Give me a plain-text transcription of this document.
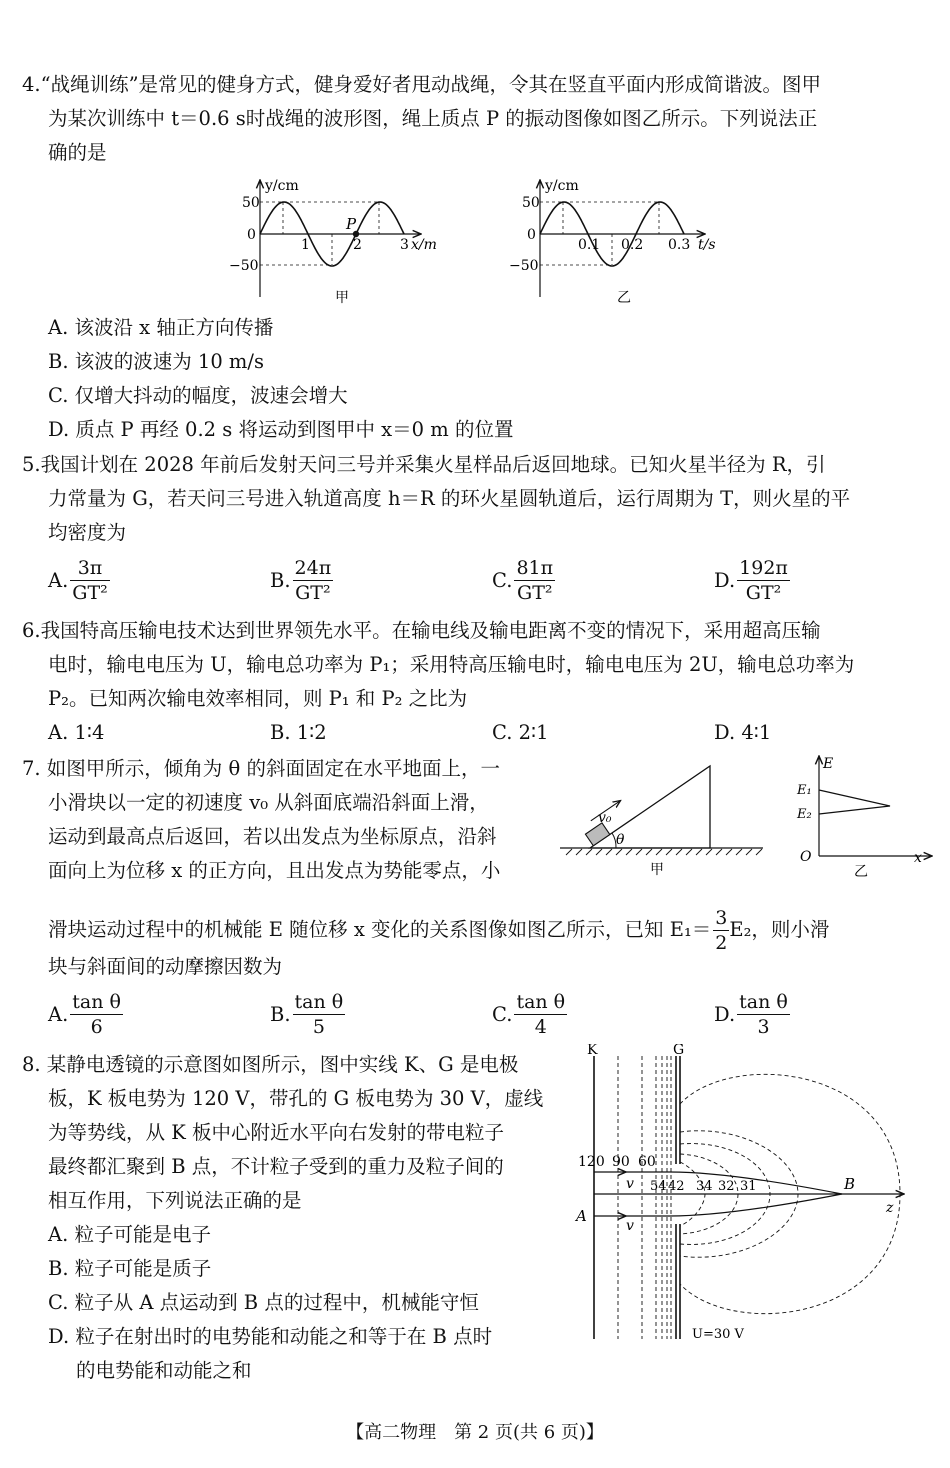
4.“战绳训练”是常见的健身方式，健身爱好者甩动战绳，令其在竖直平面内形成简谐波。图甲
为某次训练中 t＝0.6 s时战绳的波形图，绳上质点 P 的振动图像如图乙所示。下列说法正
确的是
y/cm
50
0
−50
1	2	3 x/m
P
甲
y/cm
50
0
−50
0.1 0.2 0.3 t/s
乙
A. 该波沿 x 轴正方向传播
B. 该波的波速为 10 m/s
C. 仅增大抖动的幅度，波速会增大
D. 质点 P 再经 0.2 s 将运动到图甲中 x＝0 m 的位置
5.我国计划在 2028 年前后发射天问三号并采集火星样品后返回地球。已知火星半径为 R，引
力常量为 G，若天问三号进入轨道高度 h＝R 的环火星圆轨道后，运行周期为 T，则火星的平
均密度为
A. $\frac{3\pi}{\text{GT²}}$	B. $\frac{24\pi}{\text{GT²}}$	C. $\frac{81\pi}{\text{GT²}}$	D. $\frac{192\pi}{\text{GT²}}$
6.我国特高压输电技术达到世界领先水平。在输电线及输电距离不变的情况下，采用超高压输
电时，输电电压为 U，输电总功率为 P₁；采用特高压输电时，输电电压为 2U，输电总功率为
P₂。已知两次输电效率相同，则 P₁ 和 P₂ 之比为
A. 1∶4	B. 1∶2	C. 2∶1	D. 4∶1
7. 如图甲所示，倾角为 θ 的斜面固定在水平地面上，一
小滑块以一定的初速度 v₀ 从斜面底端沿斜面上滑，
运动到最高点后返回，若以出发点为坐标原点，沿斜
面向上为位移 x 的正方向，且出发点为势能零点，小
v₀
θ
甲
E
E₁
E₂
O	x
乙
滑块运动过程中的机械能 E 随位移 x 变化的关系图像如图乙所示，已知 $E_1= \frac{3}{2} E_2$，则小滑
块与斜面间的动摩擦因数为
A. $\frac{\text{tan θ}}{6}$	B. $\frac{\text{tan θ}}{5}$	C. $\frac{\text{tan θ}}{4}$	D. $\frac{\text{tan θ}}{3}$
8. 某静电透镜的示意图如图所示，图中实线 K、G 是电极
板，K 板电势为 120 V，带孔的 G 板电势为 30 V，虚线
为等势线，从 K 板中心附近水平向右发射的带电粒子
最终都汇聚到 B 点，不计粒子受到的重力及粒子间的
相互作用，下列说法正确的是
A. 粒子可能是电子
B. 粒子可能是质子
C. 粒子从 A 点运动到 B 点的过程中，机械能守恒
D. 粒子在射出时的电势能和动能之和等于在 B 点时
的电势能和动能之和
K	G
120 90 60
54 42 34 32 31
v
v
A
B
z
U=30 V
【高二物理　第 2 页(共 6 页)】
